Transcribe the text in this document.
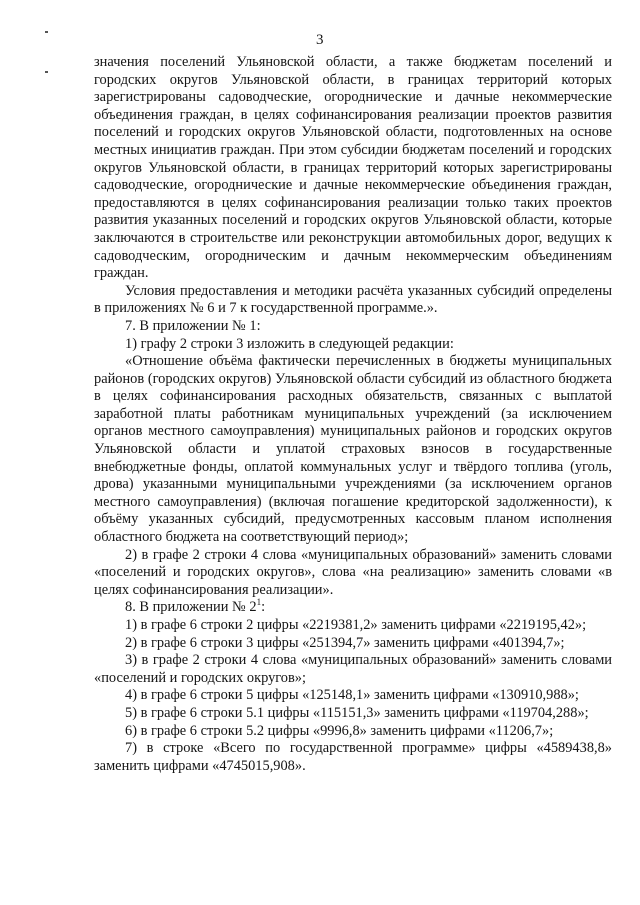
3

значения поселений Ульяновской области, а также бюджетам поселений и городских округов Ульяновской области, в границах территорий которых зарегистрированы садоводческие, огороднические и дачные некоммерческие объединения граждан, в целях софинансирования реализации проектов развития поселений и городских округов Ульяновской области, подготовленных на основе местных инициатив граждан. При этом субсидии бюджетам поселений и городских округов Ульяновской области, в границах территорий которых зарегистрированы садоводческие, огороднические и дачные некоммерческие объединения граждан, предоставляются в целях софинансирования реализации только таких проектов развития указанных поселений и городских округов Ульяновской области, которые заключаются в строительстве или реконструкции автомобильных дорог, ведущих к садоводческим, огородническим и дачным некоммерческим объединениям граждан.

Условия предоставления и методики расчёта указанных субсидий определены в приложениях № 6 и 7 к государственной программе.».

7. В приложении № 1:

1) графу 2 строки 3 изложить в следующей редакции:

«Отношение объёма фактически перечисленных в бюджеты муниципальных районов (городских округов) Ульяновской области субсидий из областного бюджета в целях софинансирования расходных обязательств, связанных с выплатой заработной платы работникам муниципальных учреждений (за исключением органов местного самоуправления) муниципальных районов и городских округов Ульяновской области и уплатой страховых взносов в государственные внебюджетные фонды, оплатой коммунальных услуг и твёрдого топлива (уголь, дрова) указанными муниципальными учреждениями (за исключением органов местного самоуправления) (включая погашение кредиторской задолженности), к объёму указанных субсидий, предусмотренных кассовым планом исполнения областного бюджета на соответствующий период»;

2) в графе 2 строки 4 слова «муниципальных образований» заменить словами «поселений и городских округов», слова «на реализацию» заменить словами «в целях софинансирования реализации».

8. В приложении № $2^1$:

1) в графе 6 строки 2 цифры «2219381,2» заменить цифрами «2219195,42»;

2) в графе 6 строки 3 цифры «251394,7» заменить цифрами «401394,7»;

3) в графе 2 строки 4 слова «муниципальных образований» заменить словами «поселений и городских округов»;

4) в графе 6 строки 5 цифры «125148,1» заменить цифрами «130910,988»;

5) в графе 6 строки 5.1 цифры «115151,3» заменить цифрами «119704,288»;

6) в графе 6 строки 5.2 цифры «9996,8» заменить цифрами «11206,7»;

7) в строке «Всего по государственной программе» цифры «4589438,8» заменить цифрами «4745015,908».
